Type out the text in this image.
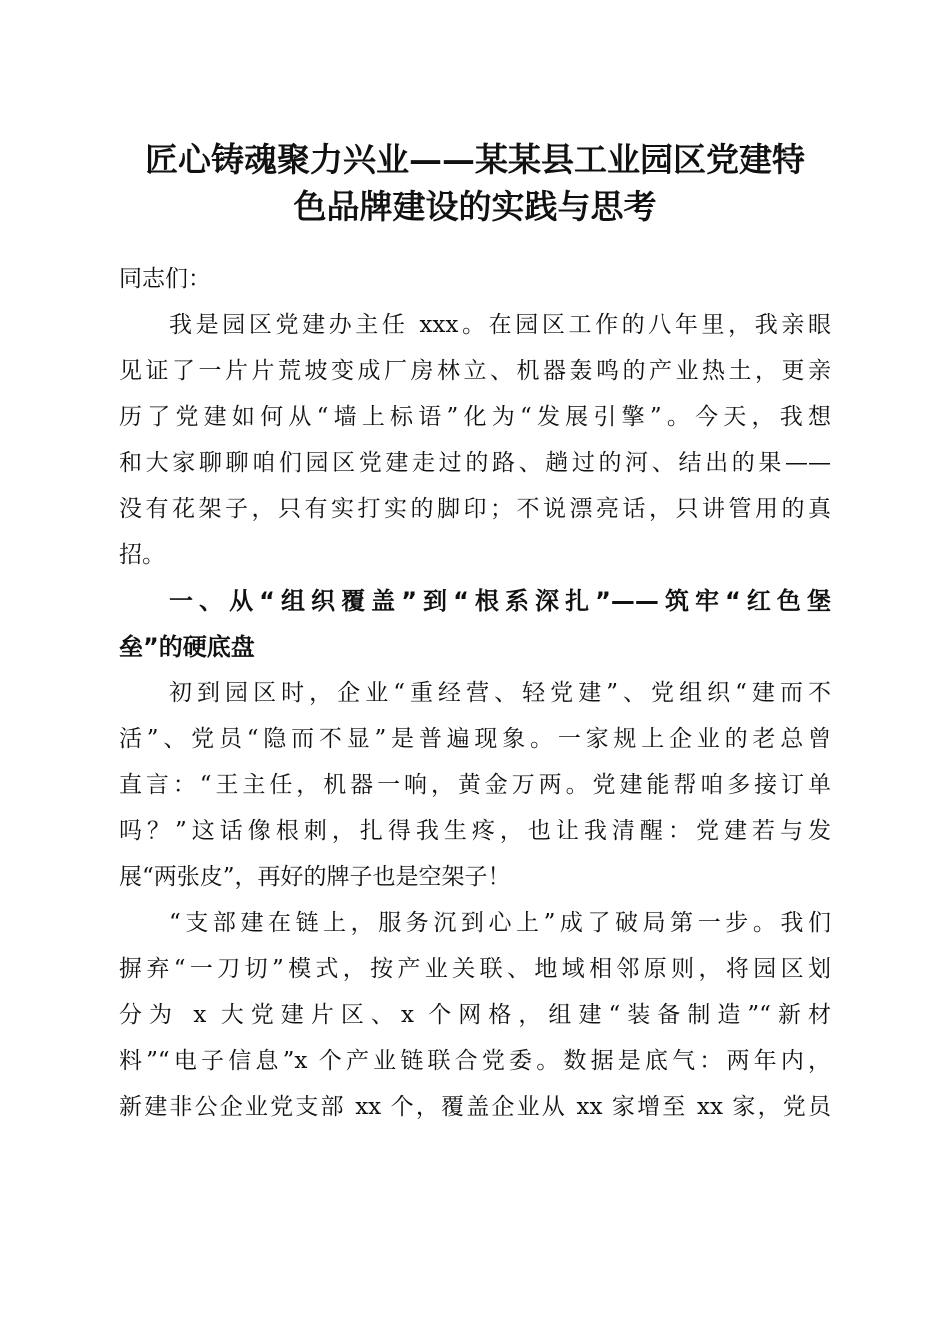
匠心铸魂聚力兴业——某某县工业园区党建特
色品牌建设的实践与思考
同志们：
我是园区党建办主任 xxx。在园区工作的八年里，我亲眼
见证了一片片荒坡变成厂房林立、机器轰鸣的产业热土，更亲
历了党建如何从“墙上标语”化为“发展引擎”。今天，我想
和大家聊聊咱们园区党建走过的路、趟过的河、结出的果——
没有花架子，只有实打实的脚印；不说漂亮话，只讲管用的真
招。
一、从“组织覆盖”到“根系深扎”——筑牢“红色堡
垒”的硬底盘
初到园区时，企业“重经营、轻党建”、党组织“建而不
活”、党员“隐而不显”是普遍现象。一家规上企业的老总曾
直言：“王主任，机器一响，黄金万两。党建能帮咱多接订单
吗？”这话像根刺，扎得我生疼，也让我清醒：党建若与发
展“两张皮”，再好的牌子也是空架子！
“支部建在链上，服务沉到心上”成了破局第一步。我们
摒弃“一刀切”模式，按产业关联、地域相邻原则，将园区划
分为 x 大党建片区、x 个网格，组建“装备制造”“新材
料”“电子信息”x 个产业链联合党委。数据是底气：两年内，
新建非公企业党支部 xx 个，覆盖企业从 xx 家增至 xx 家，党员
